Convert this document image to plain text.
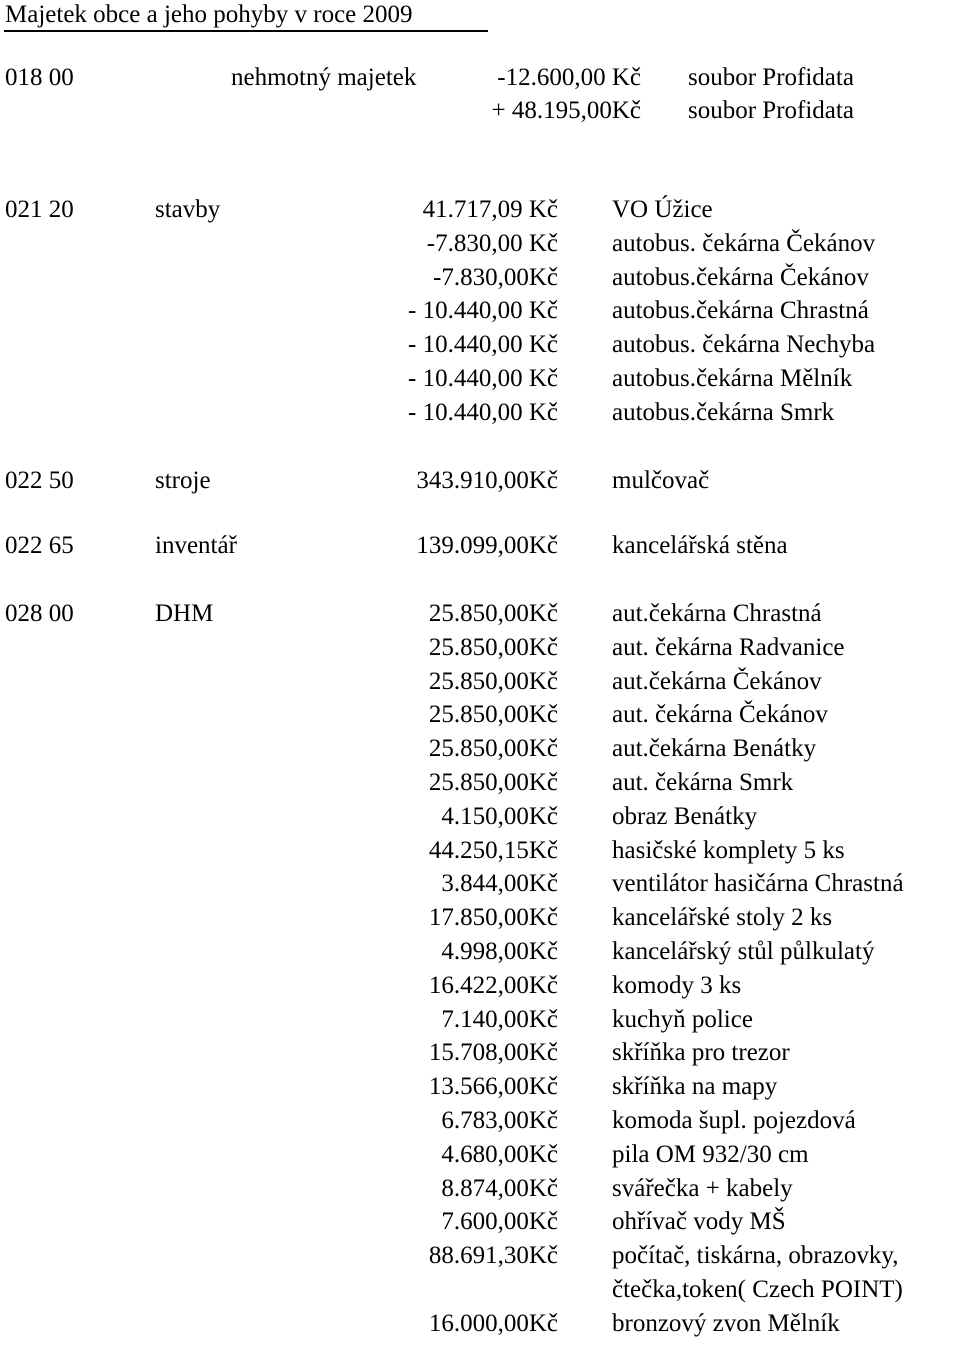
Majetek obce a jeho pohyby v roce 2009
018 00	nehmotný majetek	-12.600,00 Kč soubor Profidata
+ 48.195,00Kč soubor Profidata
021 20	stavby	41.717,09 Kč VO Úžice
-7.830,00 Kč autobus. čekárna Čekánov
-7.830,00Kč autobus.čekárna Čekánov
- 10.440,00 Kč autobus.čekárna Chrastná
- 10.440,00 Kč autobus. čekárna Nechyba
- 10.440,00 Kč autobus.čekárna Mělník
- 10.440,00 Kč autobus.čekárna Smrk
022 50	stroje	343.910,00Kč mulčovač
022 65	inventář	139.099,00Kč kancelářská stěna
028 00	DHM	25.850,00Kč aut.čekárna Chrastná
25.850,00Kč aut. čekárna Radvanice
25.850,00Kč aut.čekárna Čekánov
25.850,00Kč aut. čekárna Čekánov
25.850,00Kč aut.čekárna Benátky
25.850,00Kč aut. čekárna Smrk
4.150,00Kč obraz Benátky
44.250,15Kč hasičské komplety 5 ks
3.844,00Kč ventilátor hasičárna Chrastná
17.850,00Kč kancelářské stoly 2 ks
4.998,00Kč kancelářský stůl půlkulatý
16.422,00Kč komody 3 ks
7.140,00Kč kuchyň police
15.708,00Kč skříňka pro trezor
13.566,00Kč skříňka na mapy
6.783,00Kč komoda šupl. pojezdová
4.680,00Kč pila OM 932/30 cm
8.874,00Kč svářečka + kabely
7.600,00Kč ohřívač vody MŠ
88.691,30Kč počítač, tiskárna, obrazovky,
čtečka,token( Czech POINT)
16.000,00Kč bronzový zvon Mělník
